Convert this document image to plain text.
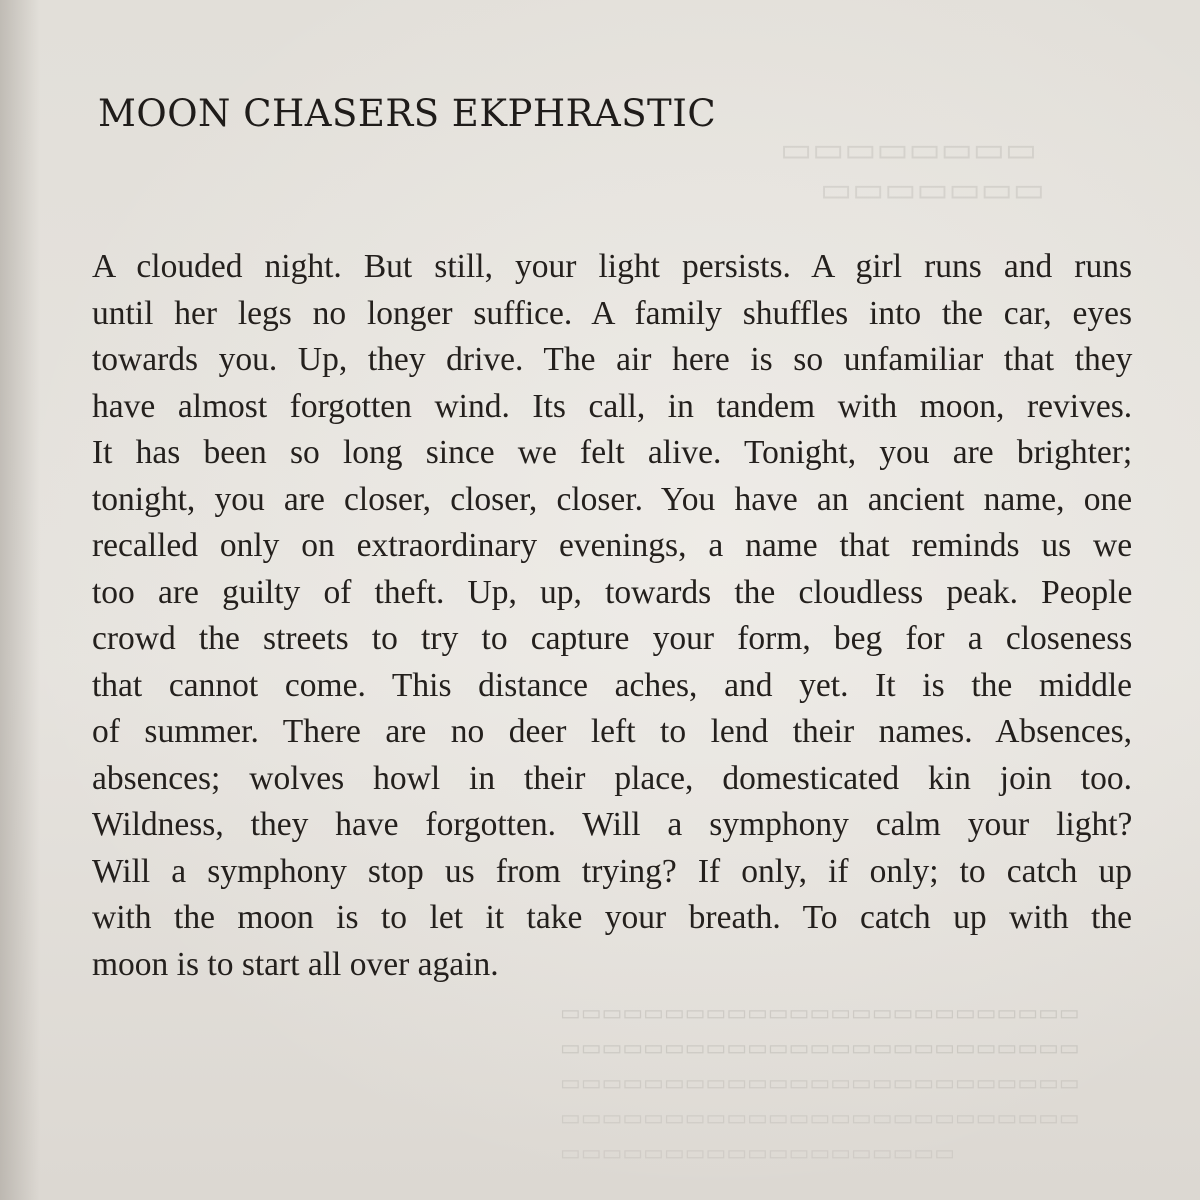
▭▭▭▭▭▭▭▭
▭▭▭▭▭▭▭
▭▭▭▭▭▭▭▭▭▭▭▭▭▭▭▭▭▭▭▭▭▭▭▭▭
▭▭▭▭▭▭▭▭▭▭▭▭▭▭▭▭▭▭▭▭▭▭▭▭▭
▭▭▭▭▭▭▭▭▭▭▭▭▭▭▭▭▭▭▭▭▭▭▭▭▭
▭▭▭▭▭▭▭▭▭▭▭▭▭▭▭▭▭▭▭▭▭▭▭▭▭
▭▭▭▭▭▭▭▭▭▭▭▭▭▭▭▭▭▭▭
MOON CHASERS EKPHRASTIC
A clouded night. But still, your light persists. A girl runs and runs
until her legs no longer suffice. A family shuffles into the car, eyes
towards you. Up, they drive. The air here is so unfamiliar that they
have almost forgotten wind. Its call, in tandem with moon, revives.
It has been so long since we felt alive. Tonight, you are brighter;
tonight, you are closer, closer, closer. You have an ancient name, one
recalled only on extraordinary evenings, a name that reminds us we
too are guilty of theft. Up, up, towards the cloudless peak. People
crowd the streets to try to capture your form, beg for a closeness
that cannot come. This distance aches, and yet. It is the middle
of summer. There are no deer left to lend their names. Absences,
absences; wolves howl in their place, domesticated kin join too.
Wildness, they have forgotten. Will a symphony calm your light?
Will a symphony stop us from trying? If only, if only; to catch up
with the moon is to let it take your breath. To catch up with the
moon is to start all over again.
